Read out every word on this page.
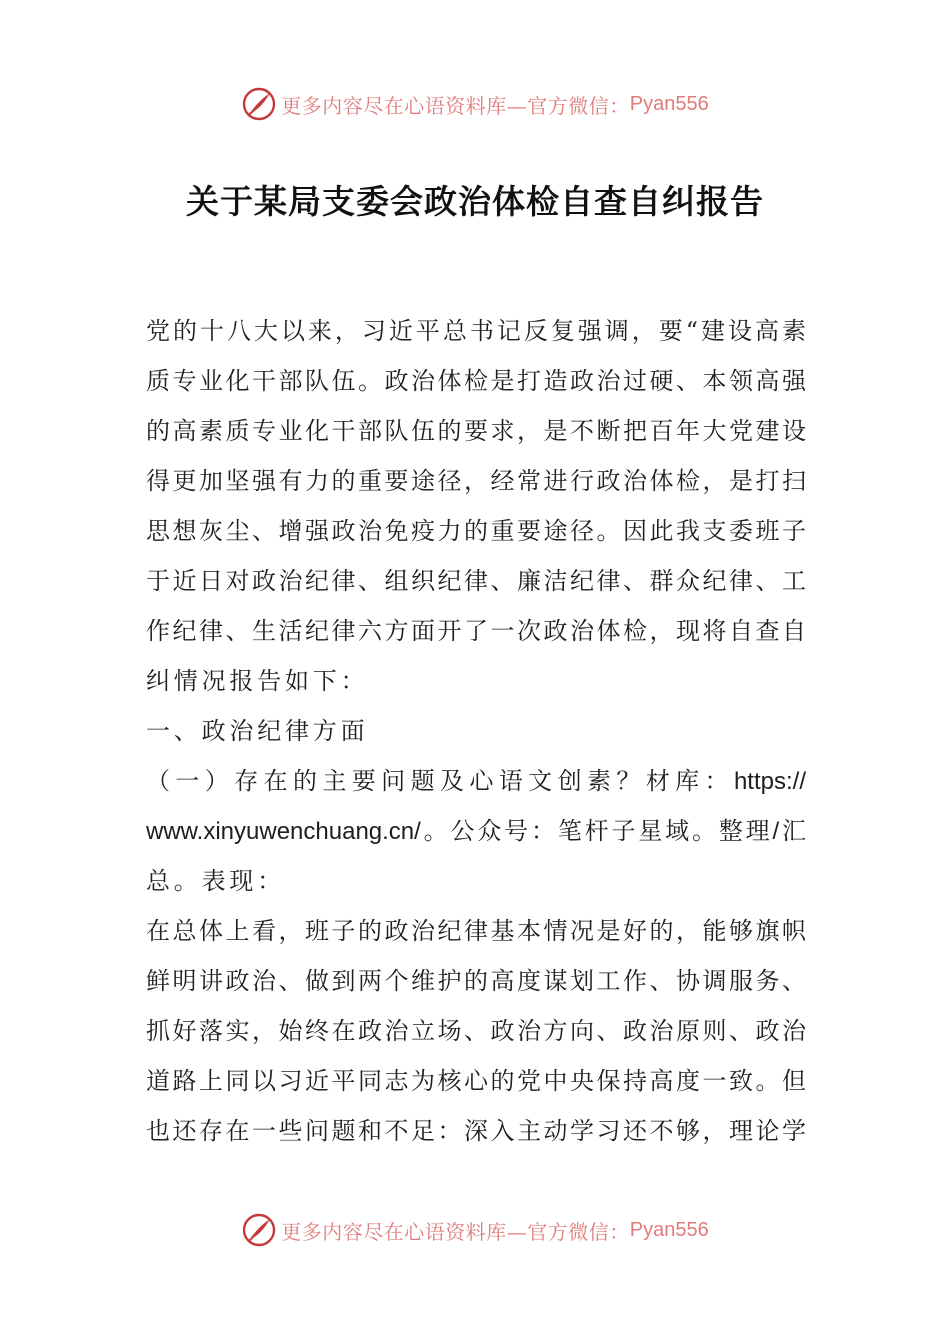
更多内容尽在心语资料库—官方微信： Pyan556
关于某局支委会政治体检自查自纠报告
党的十八大以来，习近平总书记反复强调，要“建设高素
质专业化干部队伍。政治体检是打造政治过硬、本领高强
的高素质专业化干部队伍的要求，是不断把百年大党建设
得更加坚强有力的重要途径，经常进行政治体检，是打扫
思想灰尘、增强政治免疫力的重要途径。因此我支委班子
于近日对政治纪律、组织纪律、廉洁纪律、群众纪律、工
作纪律、生活纪律六方面开了一次政治体检，现将自查自
纠情况报告如下：
一、政治纪律方面
（一）存在的主要问题及心语文创素？材库：https://
www.xinyuwenchuang.cn/。公众号：笔杆子星域。整理/汇
总。表现：
在总体上看，班子的政治纪律基本情况是好的，能够旗帜
鲜明讲政治、做到两个维护的高度谋划工作、协调服务、
抓好落实，始终在政治立场、政治方向、政治原则、政治
道路上同以习近平同志为核心的党中央保持高度一致。但
也还存在一些问题和不足：深入主动学习还不够，理论学
更多内容尽在心语资料库—官方微信： Pyan556
